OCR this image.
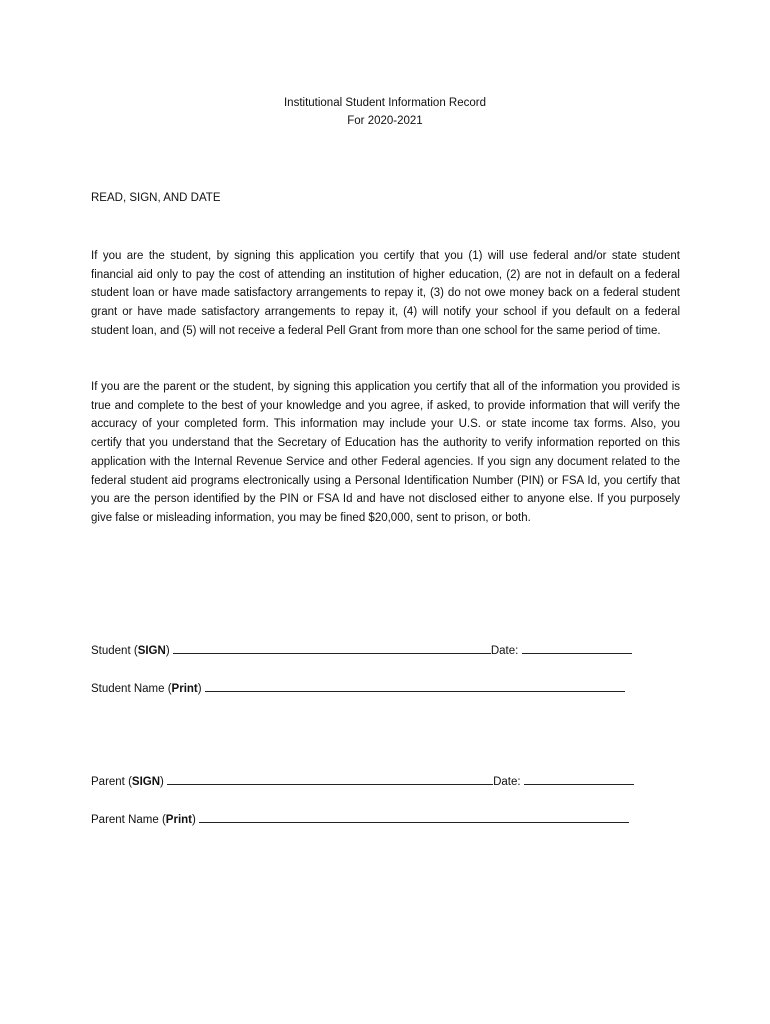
Institutional Student Information Record
For 2020-2021
READ, SIGN, AND DATE

If you are the student, by signing this application you certify that you (1) will use federal and/or state student financial aid only to pay the cost of attending an institution of higher education, (2) are not in default on a federal student loan or have made satisfactory arrangements to repay it, (3) do not owe money back on a federal student grant or have made satisfactory arrangements to repay it, (4) will notify your school if you default on a federal student loan, and (5) will not receive a federal Pell Grant from more than one school for the same period of time.

If you are the parent or the student, by signing this application you certify that all of the information you provided is true and complete to the best of your knowledge and you agree, if asked, to provide information that will verify the accuracy of your completed form. This information may include your U.S. or state income tax forms. Also, you certify that you understand that the Secretary of Education has the authority to verify information reported on this application with the Internal Revenue Service and other Federal agencies. If you sign any document related to the federal student aid programs electronically using a Personal Identification Number (PIN) or FSA Id, you certify that you are the person identified by the PIN or FSA Id and have not disclosed either to anyone else. If you purposely give false or misleading information, you may be fined $20,000, sent to prison, or both.

Student (SIGN)	Date:
Student Name (Print)
Parent (SIGN)	Date:
Parent Name (Print)
